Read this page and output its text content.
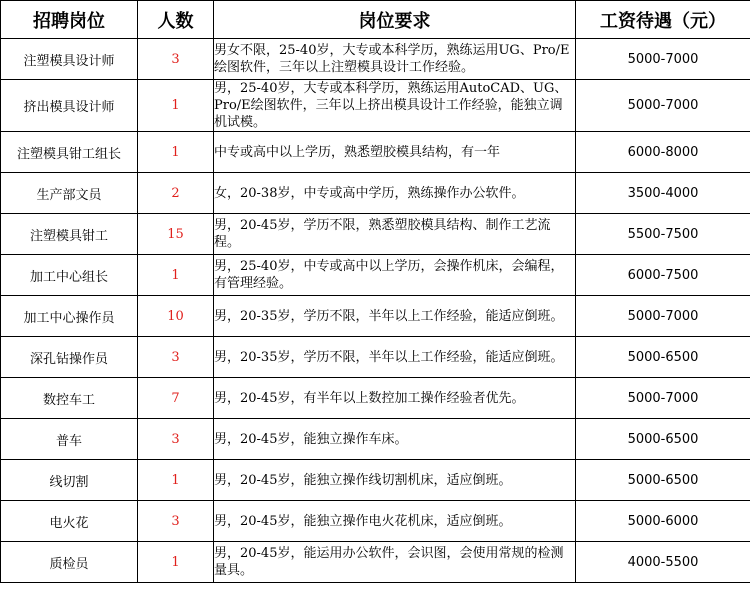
招聘岗位	人数	岗位要求	工资待遇（元）
注塑模具设计师	3	男女不限，25-40岁，大专或本科学历，熟练运用UG、Pro/E绘图软件，三年以上注塑模具设计工作经验。	5000-7000
挤出模具设计师	1	男，25-40岁，大专或本科学历，熟练运用AutoCAD、UG、Pro/E绘图软件，三年以上挤出模具设计工作经验，能独立调机试模。	5000-7000
注塑模具钳工组长	1	中专或高中以上学历，熟悉塑胶模具结构，有一年	6000-8000
生产部文员	2	女，20-38岁，中专或高中学历，熟练操作办公软件。	3500-4000
注塑模具钳工	15	男，20-45岁，学历不限，熟悉塑胶模具结构、制作工艺流程。	5500-7500
加工中心组长	1	男，25-40岁，中专或高中以上学历，会操作机床，会编程，有管理经验。	6000-7500
加工中心操作员	10	男，20-35岁，学历不限，半年以上工作经验，能适应倒班。	5000-7000
深孔钻操作员	3	男，20-35岁，学历不限，半年以上工作经验，能适应倒班。	5000-6500
数控车工	7	男，20-45岁，有半年以上数控加工操作经验者优先。	5000-7000
普车	3	男，20-45岁，能独立操作车床。	5000-6500
线切割	1	男，20-45岁，能独立操作线切割机床，适应倒班。	5000-6500
电火花	3	男，20-45岁，能独立操作电火花机床，适应倒班。	5000-6000
质检员	1	男，20-45岁，能运用办公软件，会识图，会使用常规的检测量具。	4000-5500
